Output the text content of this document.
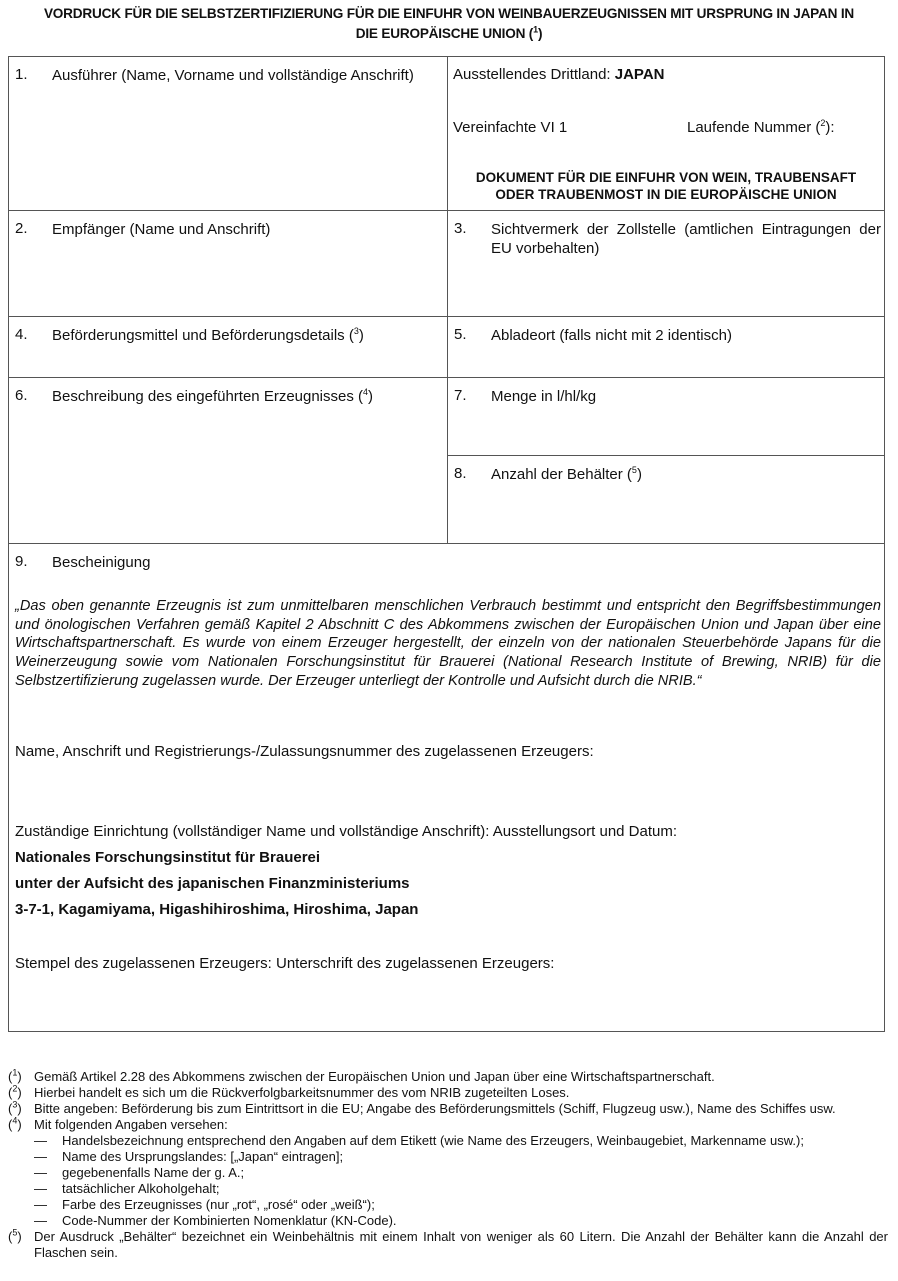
VORDRUCK FÜR DIE SELBSTZERTIFIZIERUNG FÜR DIE EINFUHR VON WEINBAUERZEUGNISSEN MIT URSPRUNG IN JAPAN IN
DIE EUROPÄISCHE UNION ($^1$)
1. Ausführer (Name, Vorname und vollständige Anschrift)	Ausstellendes Drittland: JAPAN
Vereinfachte VI 1	Laufende Nummer ($^2$):
DOKUMENT FÜR DIE EINFUHR VON WEIN, TRAUBENSAFT
ODER TRAUBENMOST IN DIE EUROPÄISCHE UNION
2. Empfänger (Name und Anschrift)	3. Sichtvermerk der Zollstelle (amtlichen Eintragungen der EU vorbehalten)
4. Beförderungsmittel und Beförderungsdetails ($^3$)	5. Abladeort (falls nicht mit 2 identisch)
6. Beschreibung des eingeführten Erzeugnisses ($^4$)	7. Menge in l/hl/kg
8. Anzahl der Behälter ($^5$)
9. Bescheinigung
„Das oben genannte Erzeugnis ist zum unmittelbaren menschlichen Verbrauch bestimmt und entspricht den Begriffsbestimmungen und önologischen Verfahren gemäß Kapitel 2 Abschnitt C des Abkommens zwischen der Europäischen Union und Japan über eine Wirtschaftspartnerschaft. Es wurde von einem Erzeuger hergestellt, der einzeln von der nationalen Steuerbehörde Japans für die Weinerzeugung sowie vom Nationalen Forschungsinstitut für Brauerei (National Research Institute of Brewing, NRIB) für die Selbstzertifizierung zugelassen wurde. Der Erzeuger unterliegt der Kontrolle und Aufsicht durch die NRIB.“
Name, Anschrift und Registrierungs-/Zulassungsnummer des zugelassenen Erzeugers:
Zuständige Einrichtung (vollständiger Name und vollständige Anschrift): Ausstellungsort und Datum:
Nationales Forschungsinstitut für Brauerei
unter der Aufsicht des japanischen Finanzministeriums
3-7-1, Kagamiyama, Higashihiroshima, Hiroshima, Japan
Stempel des zugelassenen Erzeugers: Unterschrift des zugelassenen Erzeugers:
($^1$) Gemäß Artikel 2.28 des Abkommens zwischen der Europäischen Union und Japan über eine Wirtschaftspartnerschaft.
($^2$) Hierbei handelt es sich um die Rückverfolgbarkeitsnummer des vom NRIB zugeteilten Loses.
($^3$) Bitte angeben: Beförderung bis zum Eintrittsort in die EU; Angabe des Beförderungsmittels (Schiff, Flugzeug usw.), Name des Schiffes usw.
($^4$) Mit folgenden Angaben versehen:
— Handelsbezeichnung entsprechend den Angaben auf dem Etikett (wie Name des Erzeugers, Weinbaugebiet, Markenname usw.);
— Name des Ursprungslandes: [„Japan“ eintragen];
— gegebenenfalls Name der g. A.;
— tatsächlicher Alkoholgehalt;
— Farbe des Erzeugnisses (nur „rot“, „rosé“ oder „weiß“);
— Code-Nummer der Kombinierten Nomenklatur (KN-Code).
($^5$) Der Ausdruck „Behälter“ bezeichnet ein Weinbehältnis mit einem Inhalt von weniger als 60 Litern. Die Anzahl der Behälter kann die Anzahl der Flaschen sein.
